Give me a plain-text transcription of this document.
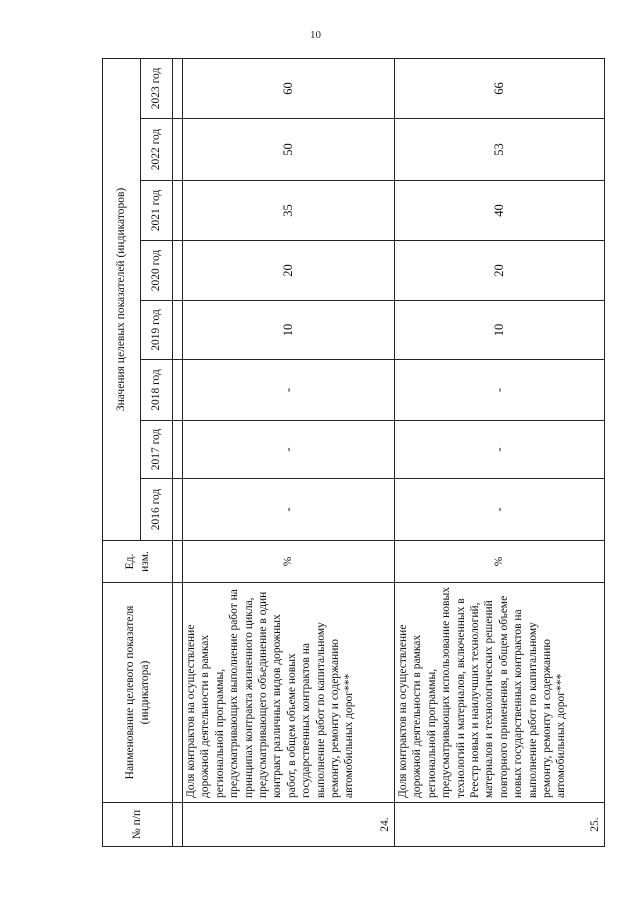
10
№ п/п	Наименование целевого показателя (индикатора)	Ед. изм.	Значения целевых показателей (индикаторов)							
			2016 год	2017 год	2018 год	2019 год	2020 год	2021 год	2022 год	2023 год

24.	Доля контрактов на осуществление дорожной деятельности в рамках региональной программы, предусматривающих выполнение работ на принципах контракта жизненного цикла, предусматривающего объединение в один контракт различных видов дорожных работ, в общем объеме новых государственных контрактов на выполнение работ по капитальному ремонту, ремонту и содержанию автомобильных дорог***	%	-	-	-	10	20	35	50	60
25.	Доля контрактов на осуществление дорожной деятельности в рамках региональной программы, предусматривающих использование новых технологий и материалов, включенных в Реестр новых и наилучших технологий, материалов и технологических решений повторного применения, в общем объеме новых государственных контрактов на выполнение работ по капитальному ремонту, ремонту и содержанию автомобильных дорог***	%	-	-	-	10	20	40	53	66
